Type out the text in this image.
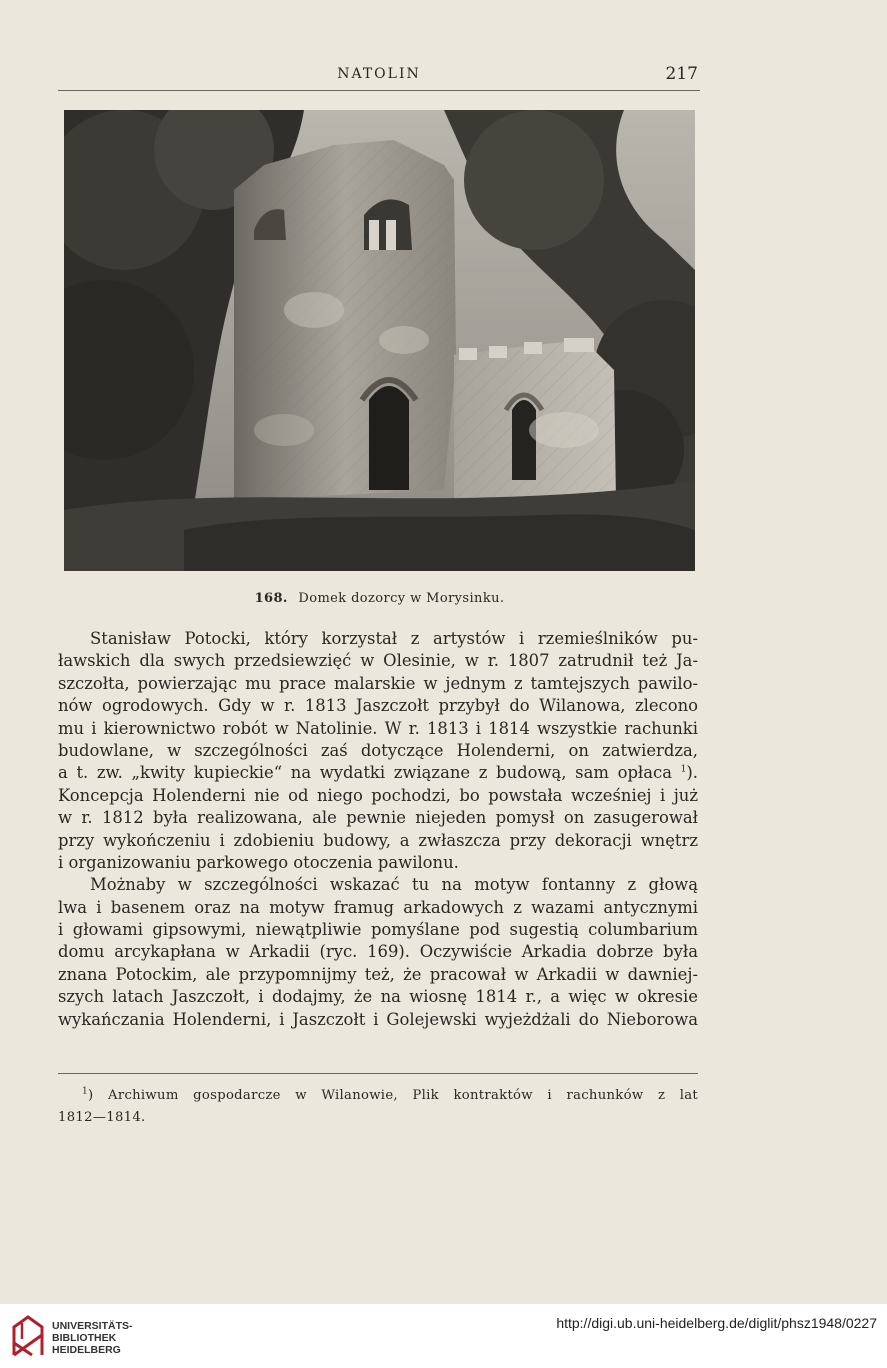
NATOLIN	217
168. Domek dozorcy w Morysinku.

Stanisław Potocki, który korzystał z artystów i rzemieślników pu-
ławskich dla swych przedsiewzięć w Olesinie, w r. 1807 zatrudnił też Ja-
szczołta, powierzając mu prace malarskie w jednym z tamtejszych pawilo-
nów ogrodowych. Gdy w r. 1813 Jaszczołt przybył do Wilanowa, zlecono
mu i kierownictwo robót w Natolinie. W r. 1813 i 1814 wszystkie rachunki
budowlane, w szczególności zaś dotyczące Holenderni, on zatwierdza,
a t. zw. „kwity kupieckie“ na wydatki związane z budową, sam opłaca $^1$).
Koncepcja Holenderni nie od niego pochodzi, bo powstała wcześniej i już
w r. 1812 była realizowana, ale pewnie niejeden pomysł on zasugerował
przy wykończeniu i zdobieniu budowy, a zwłaszcza przy dekoracji wnętrz
i organizowaniu parkowego otoczenia pawilonu.

Możnaby w szczególności wskazać tu na motyw fontanny z głową
lwa i basenem oraz na motyw framug arkadowych z wazami antycznymi
i głowami gipsowymi, niewątpliwie pomyślane pod sugestią columbarium
domu arcykapłana w Arkadii (ryc. 169). Oczywiście Arkadia dobrze była
znana Potockim, ale przypomnijmy też, że pracował w Arkadii w dawniej-
szych latach Jaszczołt, i dodajmy, że na wiosnę 1814 r., a więc w okresie
wykańczania Holenderni, i Jaszczołt i Golejewski wyjeżdżali do Nieborowa

$^1$) Archiwum gospodarcze w Wilanowie, Plik kontraktów i rachunków z lat
1812—1814.
UNIVERSITÄTS-
BIBLIOTHEK
HEIDELBERG
http://digi.ub.uni-heidelberg.de/diglit/phsz1948/0227
